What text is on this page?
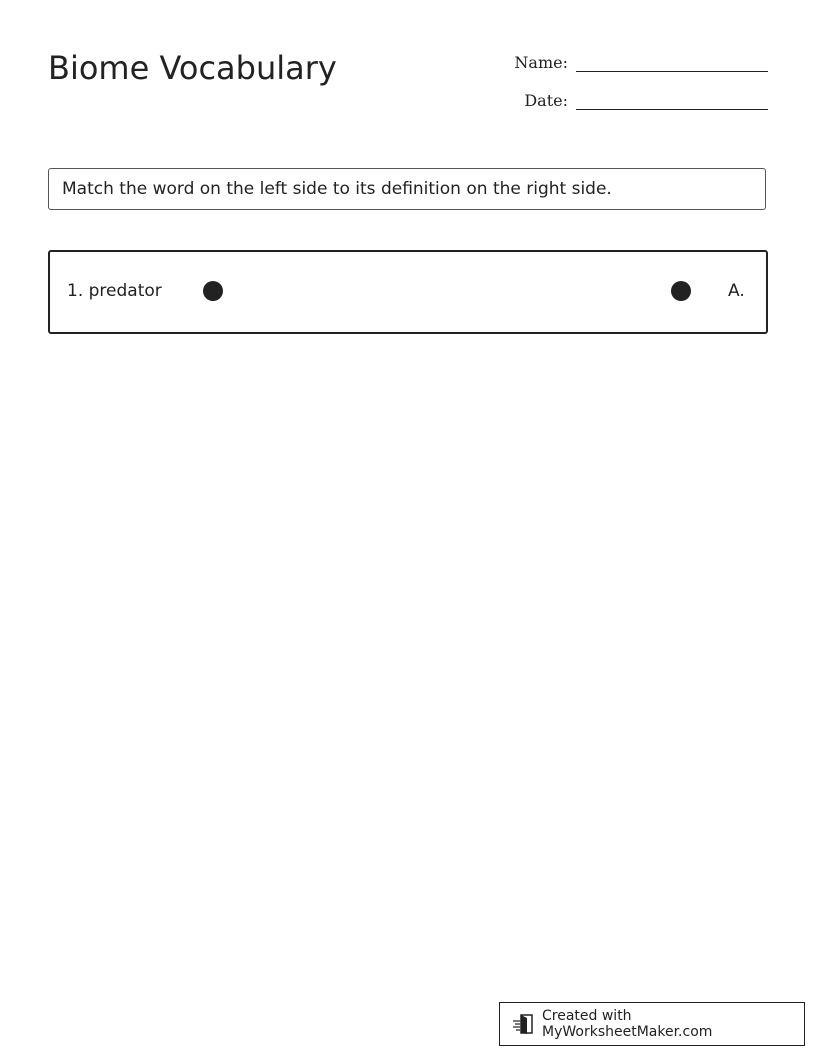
Biome Vocabulary	Name:
Date:
Match the word on the left side to its definition on the right side.
1. predator	A.
Created with MyWorksheetMaker.com
